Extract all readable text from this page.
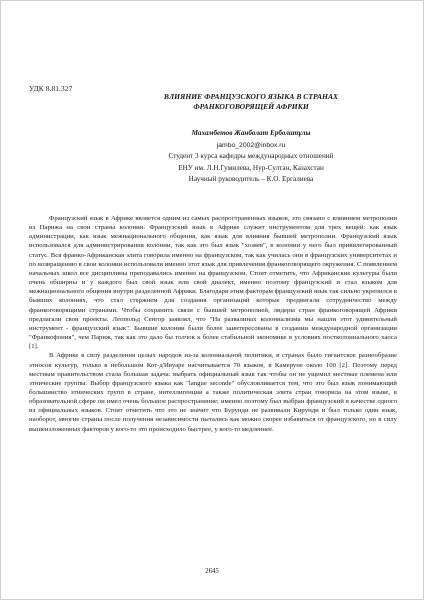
УДК 8.81.327
ВЛИЯНИЕ ФРАНЦУЗСКОГО ЯЗЫКА В СТРАНАХ
ФРАНКОГОВОРЯЩЕЙ АФРИКИ
Махамбетов Жанболат Ерболатұлы
jambo_2002@inbox.ru
Студент 3 курса кафедры международных отношений
ЕНУ им. Л.Н.Гумилева, Нур-Султан, Казахстан
Научный руководитель – К.О. Ергалиева

Французский язык в Африке является одним из самых распространенных языков, это связано с влиянием метрополии из Парижа на свои страны колонии. Французский язык в Африке служит инструментом для трех вещей: как язык администрации, как язык межнационального общения, как язык для влияния бывшей метрополии. Французский язык использовался для администрирования колонии, так как это был язык "хозяев", в колонии у него был привилегированный статус. Вся франко-Африканская элита говорила именно на французском, так как училась они в французских университетах и по возвращению в свои колонии использовали именно этот язык для привлечения франкоговорящего окружения. С появлением начальных школ все дисциплины преподавались именно на французском. Стоит отметить, что Африканские культуры были очень обширны и у каждого был свой язык или свой диалект, именно поэтому французский и стал языком для межнационального общения внутри разделенной Африки. Благодаря этим факторам французский язык так сильно укрепился в бывших колониях, что стал стержнем для создания организаций которые продвигали сотрудничество между франкоговорящими странами. Чтобы сохранить связи с бывшей метрополией, лидеры стран франкоговорящей Африки предлагали свои проекты. Леопольд Сенгор заявлял, что "На развалинах колониализма мы нашли этот удивительный инструмент - французский язык". Бывшие колонии были более заинтересованы в создании международной организации "Франкофония", чем Париж, так как это дало бы толчок к более стабильной экономике в условиях постколониального хаоса [1].

В Африке в силу разделения целых народов из-за колониальной политики, в странах было гигантское разнообразие этносов культур, только в небольшом Кот-д'Ивуаре насчитывается 70 языков, в Камеруне около 100 [2]. Поэтому перед местным правительством стала большая задача: выбрать официальный язык так чтобы он не ущемил местные племена или этнические группы. Выбор французского языка как "langue seconde" обусловливается тем, что это был язык понимающий большинство этнических групп в стране, интеллигенция а также политическая элита стран говорила на этом языке, в образовательной сфере он имел очень большое распространение; именно поэтому был выбран французский в качестве одного из официальных языков. Стоит отметить что это не значит что Бурунди не развивали Кирунди и был только один язык, наоборот, многие страны после получения независимости пытались как можно скорее избавиться от французского, но в силу вышеизложенных факторов у кого-то это происходило быстрее, у кого-то медленнее.

2645
